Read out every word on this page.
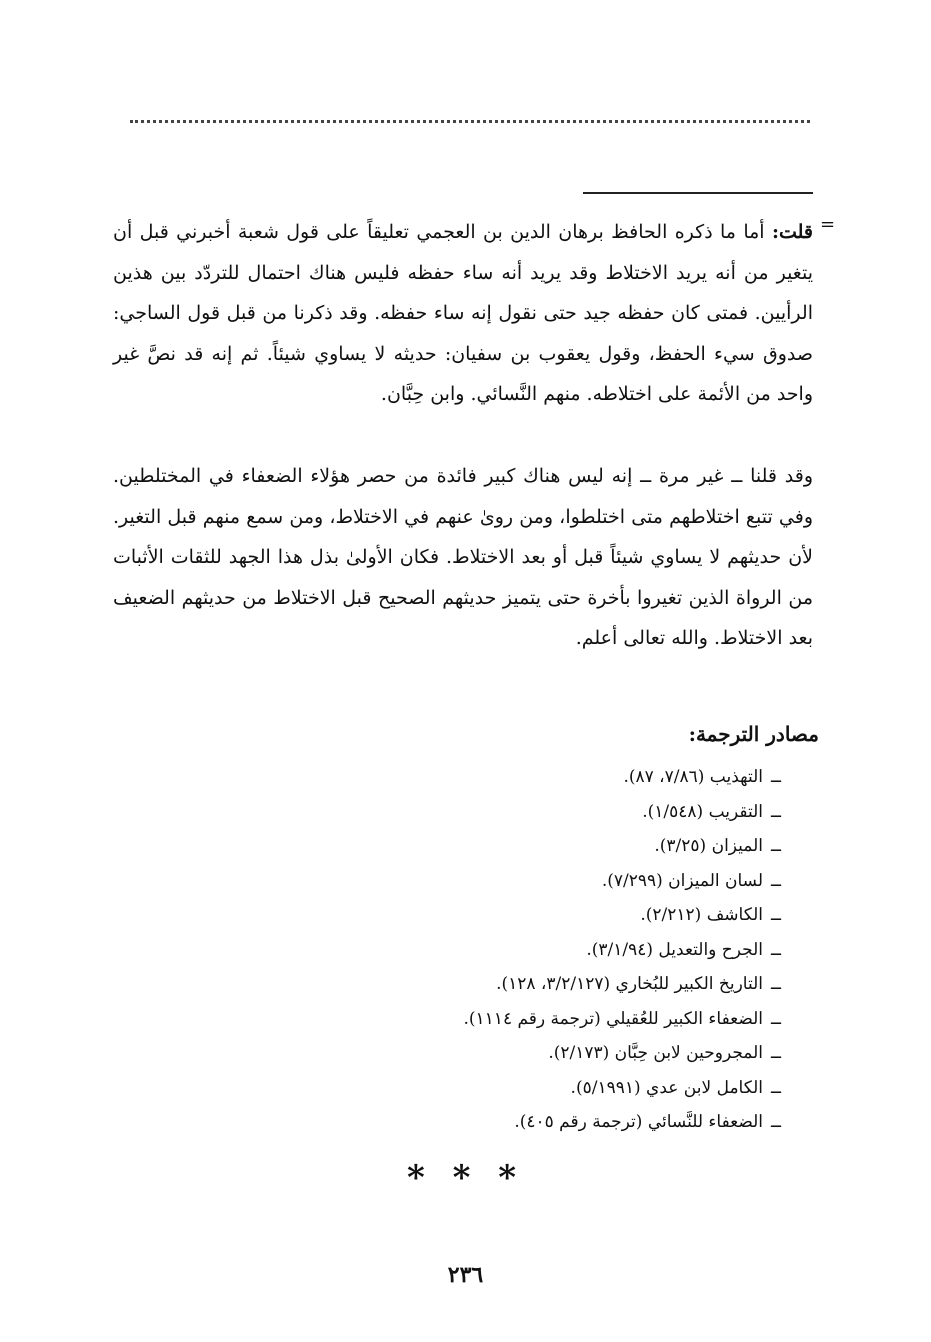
=

قلت: أما ما ذكره الحافظ برهان الدين بن العجمي تعليقاً على قول شعبة أخبرني قبل أن يتغير من أنه يريد الاختلاط وقد يريد أنه ساء حفظه فليس هناك احتمال للتردّد بين هذين الرأيين. فمتى كان حفظه جيد حتى نقول إنه ساء حفظه. وقد ذكرنا من قبل قول الساجي: صدوق سيء الحفظ، وقول يعقوب بن سفيان: حديثه لا يساوي شيئاً. ثم إنه قد نصَّ غير واحد من الأئمة على اختلاطه. منهم النَّسائي. وابن حِبَّان.

وقد قلنا ــ غير مرة ــ إنه ليس هناك كبير فائدة من حصر هؤلاء الضعفاء في المختلطين. وفي تتبع اختلاطهم متى اختلطوا، ومن روىٰ عنهم في الاختلاط، ومن سمع منهم قبل التغير. لأن حديثهم لا يساوي شيئاً قبل أو بعد الاختلاط. فكان الأولىٰ بذل هذا الجهد للثقات الأثبات من الرواة الذين تغيروا بأخرة حتى يتميز حديثهم الصحيح قبل الاختلاط من حديثهم الضعيف بعد الاختلاط. والله تعالى أعلم.

مصادر الترجمة:
ــالتهذيب (٧/٨٦، ٨٧).
ــالتقريب (١/٥٤٨).
ــالميزان (٣/٢٥).
ــلسان الميزان (٧/٢٩٩).
ــالكاشف (٢/٢١٢).
ــالجرح والتعديل (٣/١/٩٤).
ــالتاريخ الكبير للبُخاري (٣/٢/١٢٧، ١٢٨).
ــالضعفاء الكبير للعُقيلي (ترجمة رقم ١١١٤).
ــالمجروحين لابن حِبَّان (٢/١٧٣).
ــالكامل لابن عدي (٥/١٩٩١).
ــالضعفاء للنَّسائي (ترجمة رقم ٤٠٥).
* * *
٢٣٦
